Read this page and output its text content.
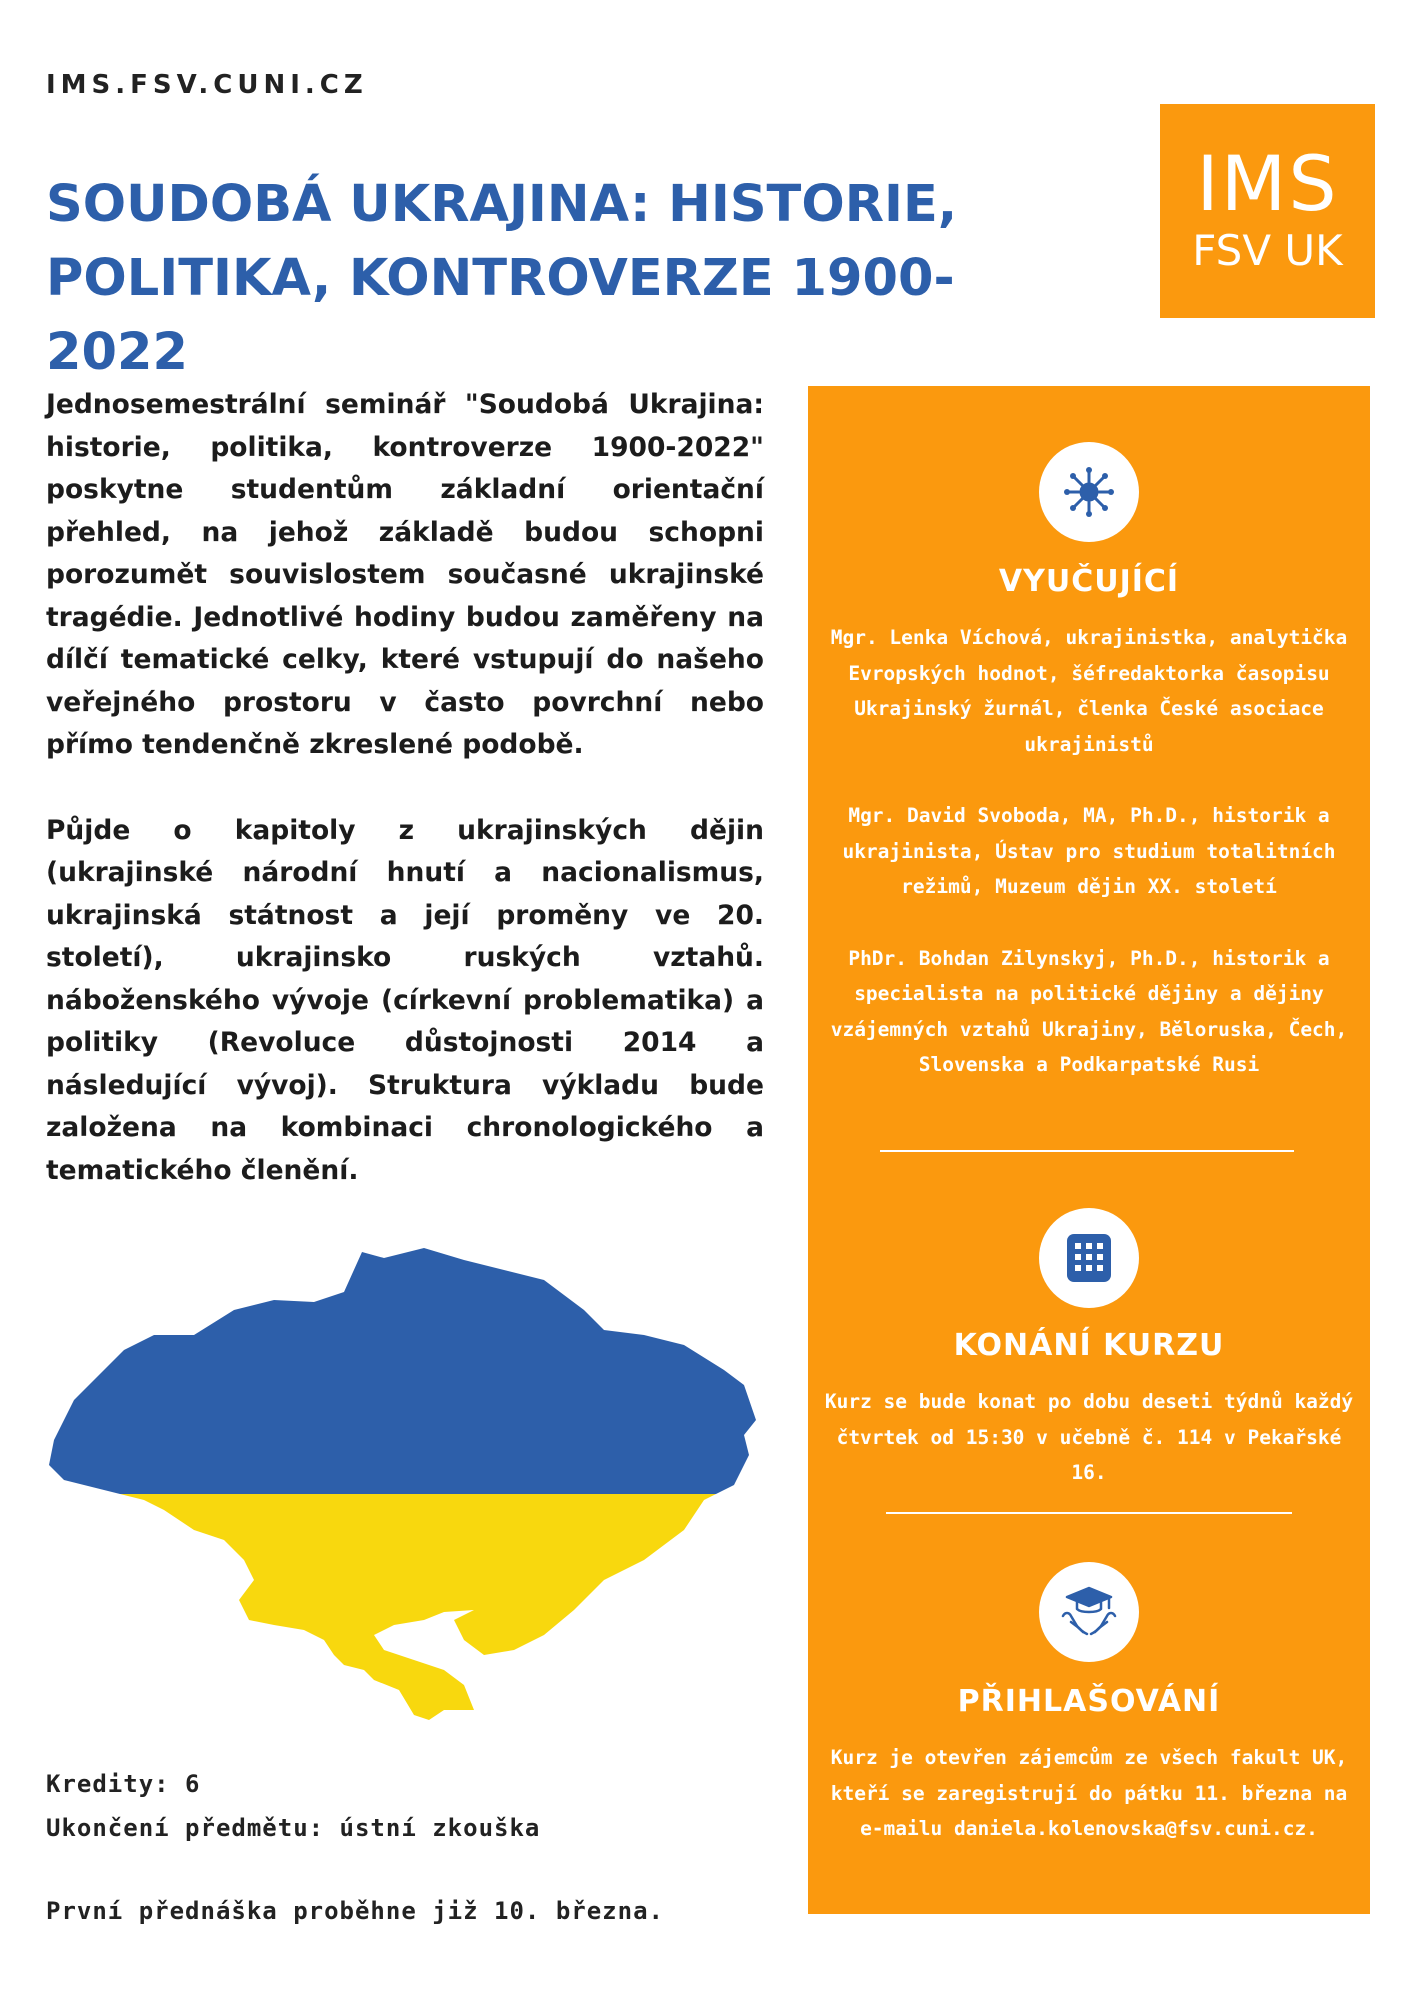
IMS.FSV.CUNI.CZ
SOUDOBÁ UKRAJINA: HISTORIE,
POLITIKA, KONTROVERZE 1900-2022
IMS
FSV UK

Jednosemestrální seminář "Soudobá Ukrajina: historie, politika, kontroverze 1900-2022" poskytne studentům základní orientační přehled, na jehož základě budou schopni porozumět souvislostem současné ukrajinské tragédie. Jednotlivé hodiny budou zaměřeny na dílčí tematické celky, které vstupují do našeho veřejného prostoru v často povrchní nebo přímo tendenčně zkreslené podobě.

Půjde o kapitoly z ukrajinských dějin (ukrajinské národní hnutí a nacionalismus, ukrajinská státnost a její proměny ve 20. století), ukrajinsko ruských vztahů. náboženského vývoje (církevní problematika) a politiky (Revoluce důstojnosti 2014 a následující vývoj). Struktura výkladu bude založena na kombinaci chronologického a tematického členění.

Kredity: 6
Ukončení předmětu: ústní zkouška
První přednáška proběhne již 10. března.
VYUČUJÍCÍ

Mgr. Lenka Víchová, ukrajinistka, analytička Evropských hodnot, šéfredaktorka časopisu Ukrajinský žurnál, členka České asociace ukrajinistů

Mgr. David Svoboda, MA, Ph.D., historik a ukrajinista, Ústav pro studium totalitních režimů, Muzeum dějin XX. století

PhDr. Bohdan Zilynskyj, Ph.D., historik a specialista na politické dějiny a dějiny vzájemných vztahů Ukrajiny, Běloruska, Čech, Slovenska a Podkarpatské Rusi

KONÁNÍ KURZU
Kurz se bude konat po dobu deseti týdnů každý čtvrtek od 15:30 v učebně č. 114 v Pekařské 16.
PŘIHLAŠOVÁNÍ
Kurz je otevřen zájemcům ze všech fakult UK, kteří se zaregistrují do pátku 11. března na e-mailu daniela.kolenovska@fsv.cuni.cz.
